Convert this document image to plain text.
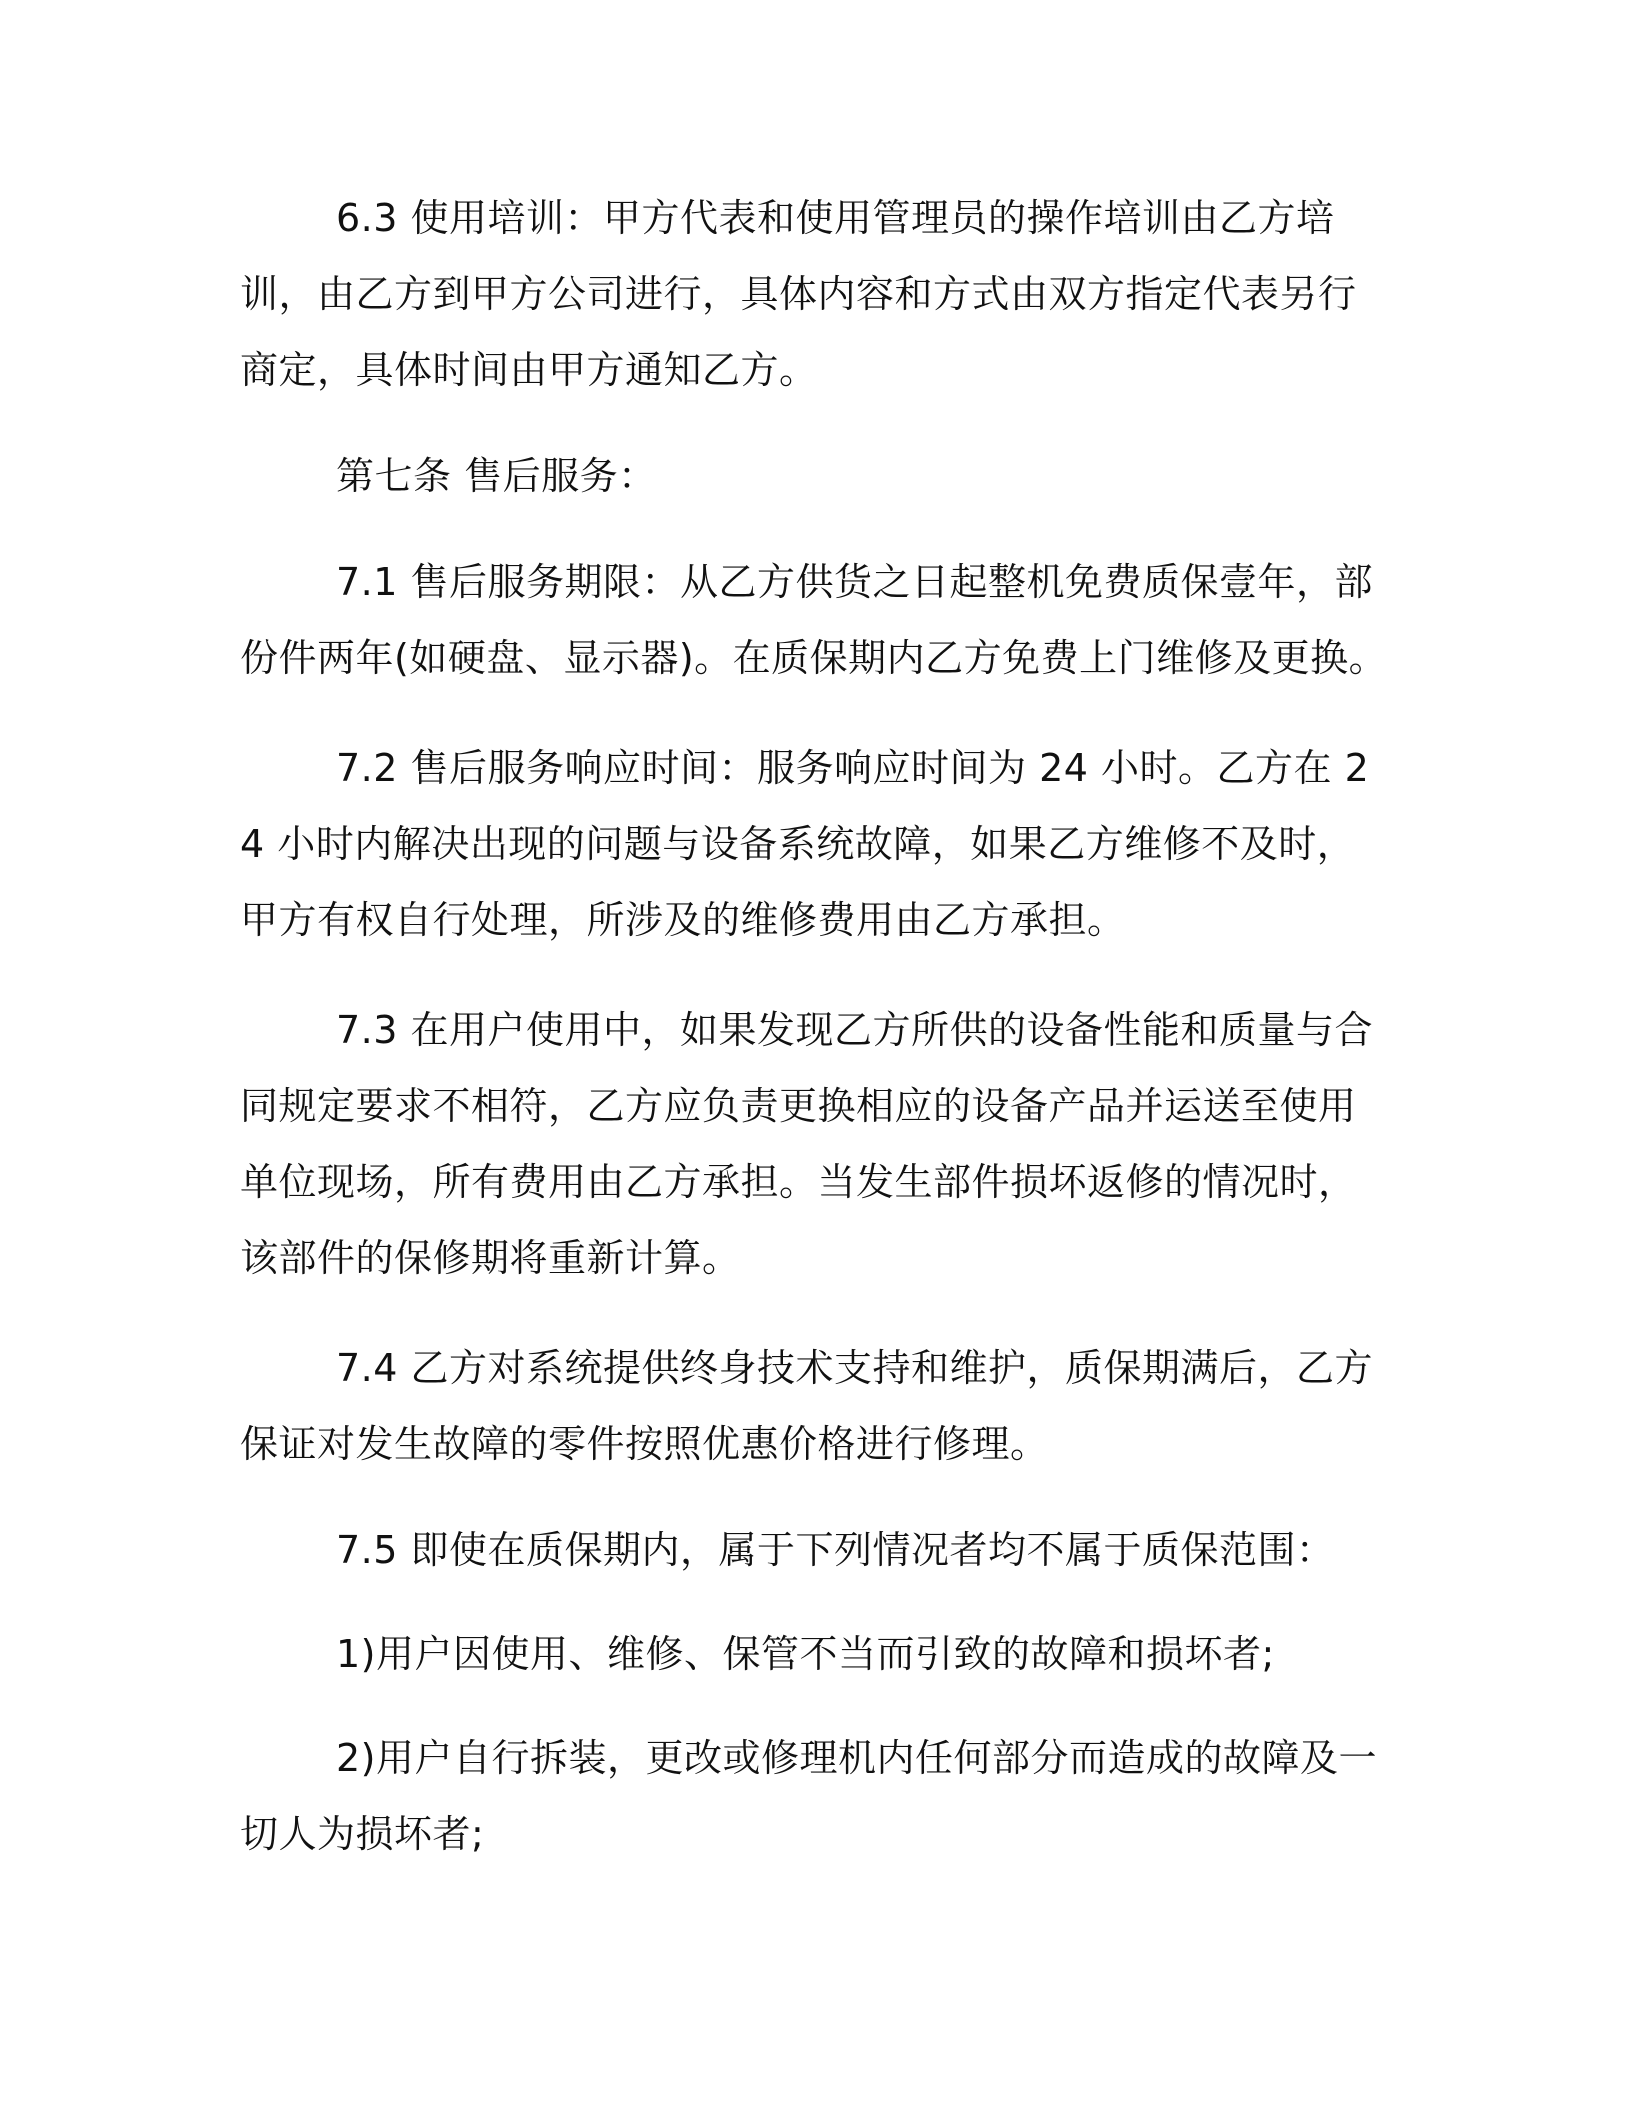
6.3 使用培训：甲方代表和使用管理员的操作培训由乙方培训，由乙方到甲方公司进行，具体内容和方式由双方指定代表另行商定，具体时间由甲方通知乙方。

第七条 售后服务：

7.1 售后服务期限：从乙方供货之日起整机免费质保壹年，部份件两年(如硬盘、显示器)。在质保期内乙方免费上门维修及更换。

7.2 售后服务响应时间：服务响应时间为 24 小时。乙方在 24 小时内解决出现的问题与设备系统故障，如果乙方维修不及时，甲方有权自行处理，所涉及的维修费用由乙方承担。

7.3 在用户使用中，如果发现乙方所供的设备性能和质量与合同规定要求不相符，乙方应负责更换相应的设备产品并运送至使用单位现场，所有费用由乙方承担。当发生部件损坏返修的情况时，该部件的保修期将重新计算。

7.4 乙方对系统提供终身技术支持和维护，质保期满后，乙方保证对发生故障的零件按照优惠价格进行修理。

7.5 即使在质保期内，属于下列情况者均不属于质保范围：

1)用户因使用、维修、保管不当而引致的故障和损坏者;

2)用户自行拆装，更改或修理机内任何部分而造成的故障及一切人为损坏者;
